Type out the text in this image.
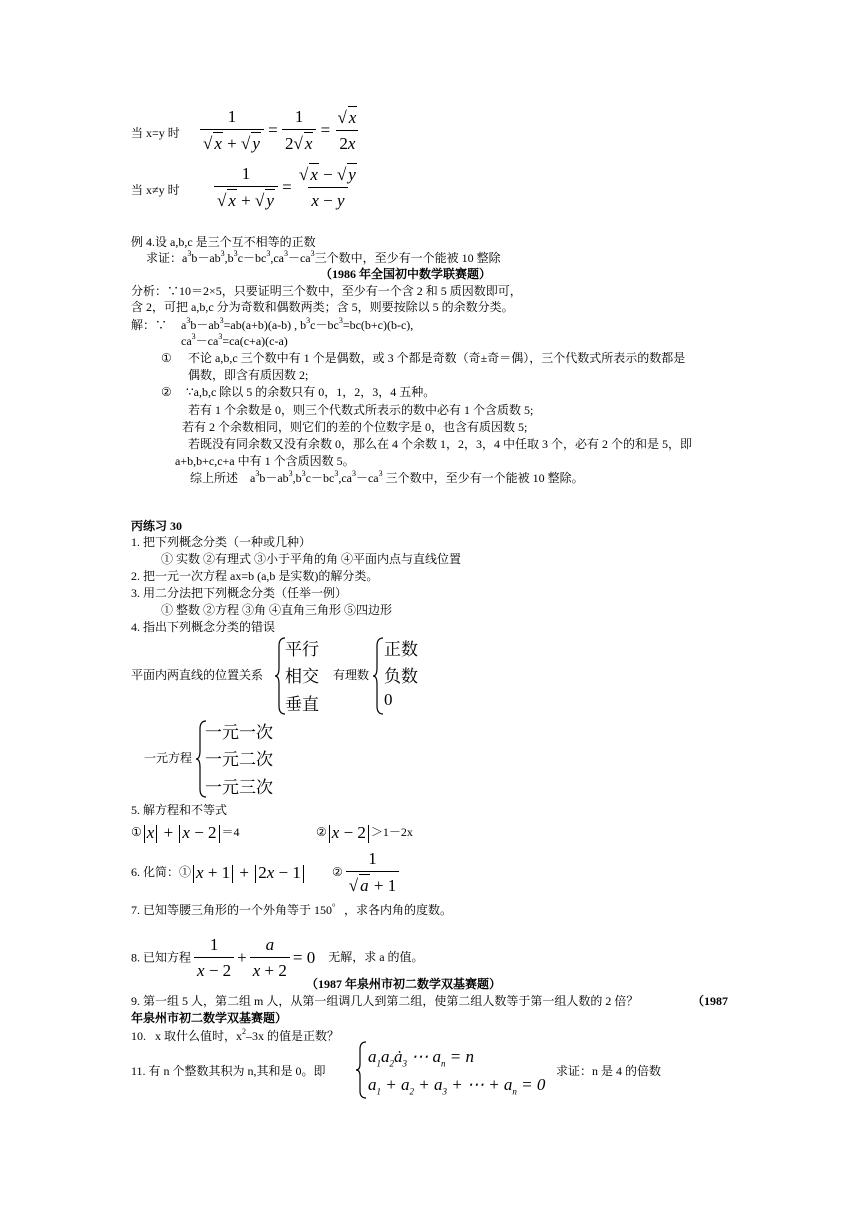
当 x=y 时 $\frac{1}{√ x + √ y} = \frac{1}{2√ x} = \frac{√ x}{2x}$
当 x≠y 时 $\frac{1}{√ x + √ y} = \frac{√ x - √ y}{x - y}$
例 4.设 a,b,c 是三个互不相等的正数
求证：$a^3b-ab^3,b^3c-bc^3,ca^3-ca^3$三个数中，至少有一个能被 10 整除
（1986 年全国初中数学联赛题）
分析：∵10＝2×5，只要证明三个数中，至少有一个含 2 和 5 质因数即可，
含 2，可把 a,b,c 分为奇数和偶数两类；含 5，则要按除以 5 的余数分类。
解：∵ $a^3b-ab^3=ab(a+b)(a-b)$ , $b^3c-bc^3=bc(b+c)(b-c)$,
$ca^3-ca^3=ca(c+a)(c-a)$
① 不论 a,b,c 三个数中有 1 个是偶数，或 3 个都是奇数（奇±奇＝偶），三个代数式所表示的数都是
偶数，即含有质因数 2;
② ∵a,b,c 除以 5 的余数只有 0，1，2，3，4 五种。
若有 1 个余数是 0，则三个代数式所表示的数中必有 1 个含质数 5;
若有 2 个余数相同，则它们的差的个位数字是 0，也含有质因数 5;
若既没有同余数又没有余数 0，那么在 4 个余数 1，2，3，4 中任取 3 个，必有 2 个的和是 5，即
a+b,b+c,c+a 中有 1 个含质因数 5。
综上所述    $a^3b-ab^3,b^3c-bc^3,ca^3-ca^3$ 三个数中，至少有一个能被 10 整除。
丙练习 30
1. 把下列概念分类（一种或几种）
① 实数 ②有理式 ③小于平角的角 ④平面内点与直线位置
2. 把一元一次方程 ax=b (a,b 是实数)的解分类。
3. 用二分法把下列概念分类（任举一例）
① 整数 ②方程 ③角 ④直角三角形 ⑤四边形
4. 指出下列概念分类的错误
平面内两直线的位置关系
平行
相交
垂直
有理数
正数
负数
0
一元方程
一元一次
一元二次
一元三次
5. 解方程和不等式
① x + x − 2 ＝4	② x − 2 ＞1－2x
6. 化简：① x + 1 + 2x − 1	② $\frac{1}{√ a + 1}$
7. 已知等腰三角形的一个外角等于 150゜，求各内角的度数。
8. 已知方程 $\frac{1}{x - 2} + \frac{a}{x + 2} = 0$ 无解，求 a 的值。
（1987 年泉州市初二数学双基赛题）
9. 第一组 5 人，第二组 m 人，从第一组调几人到第二组，使第二组人数等于第一组人数的 2 倍？	（1987
年泉州市初二数学双基赛题）
10.   x 取什么值时，$x^2-3x$ 的值是正数？
11. 有 n 个整数其积为 n,其和是 0。即
$a_1a_2ȧ_3$ ⋯ $a_n = n$
$a_1 + a_2 + a_3$ + ⋯ + $a_n = 0$
求证：n 是 4 的倍数
